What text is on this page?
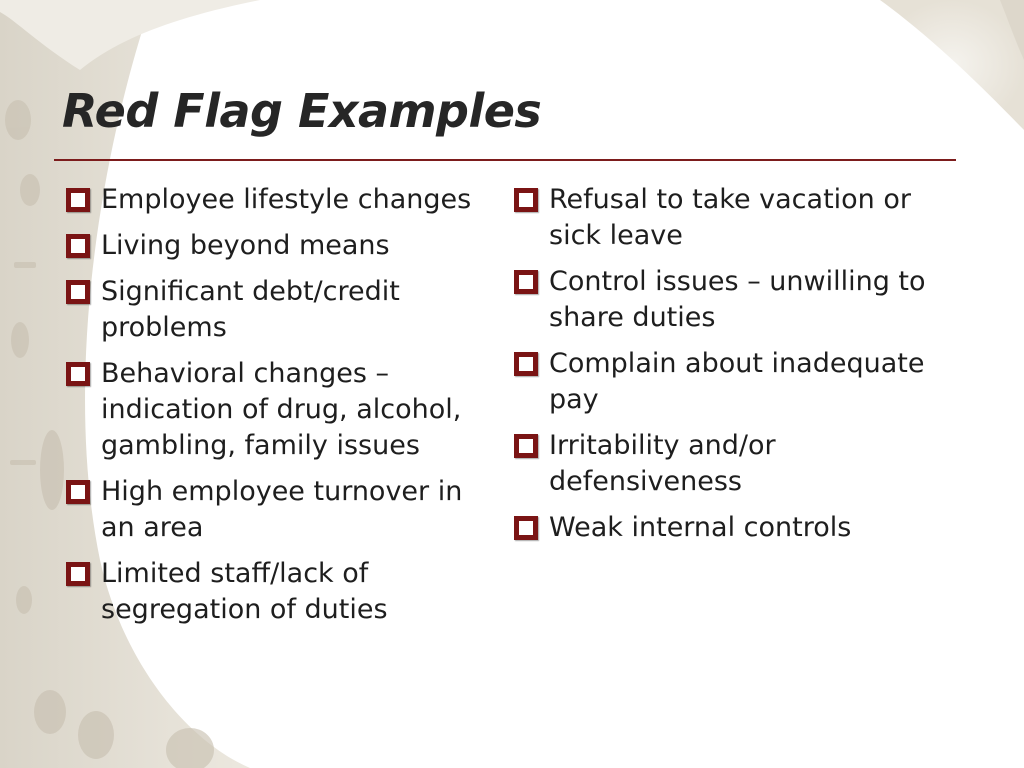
Red Flag Examples
Employee lifestyle changes
Living beyond means
Significant debt/credit problems
Behavioral changes – indication of drug, alcohol, gambling, family issues
High employee turnover in an area
Limited staff/lack of segregation of duties
Refusal to take vacation or sick leave
Control issues – unwilling to share duties
Complain about inadequate pay
Irritability and/or defensiveness
Weak internal controls
